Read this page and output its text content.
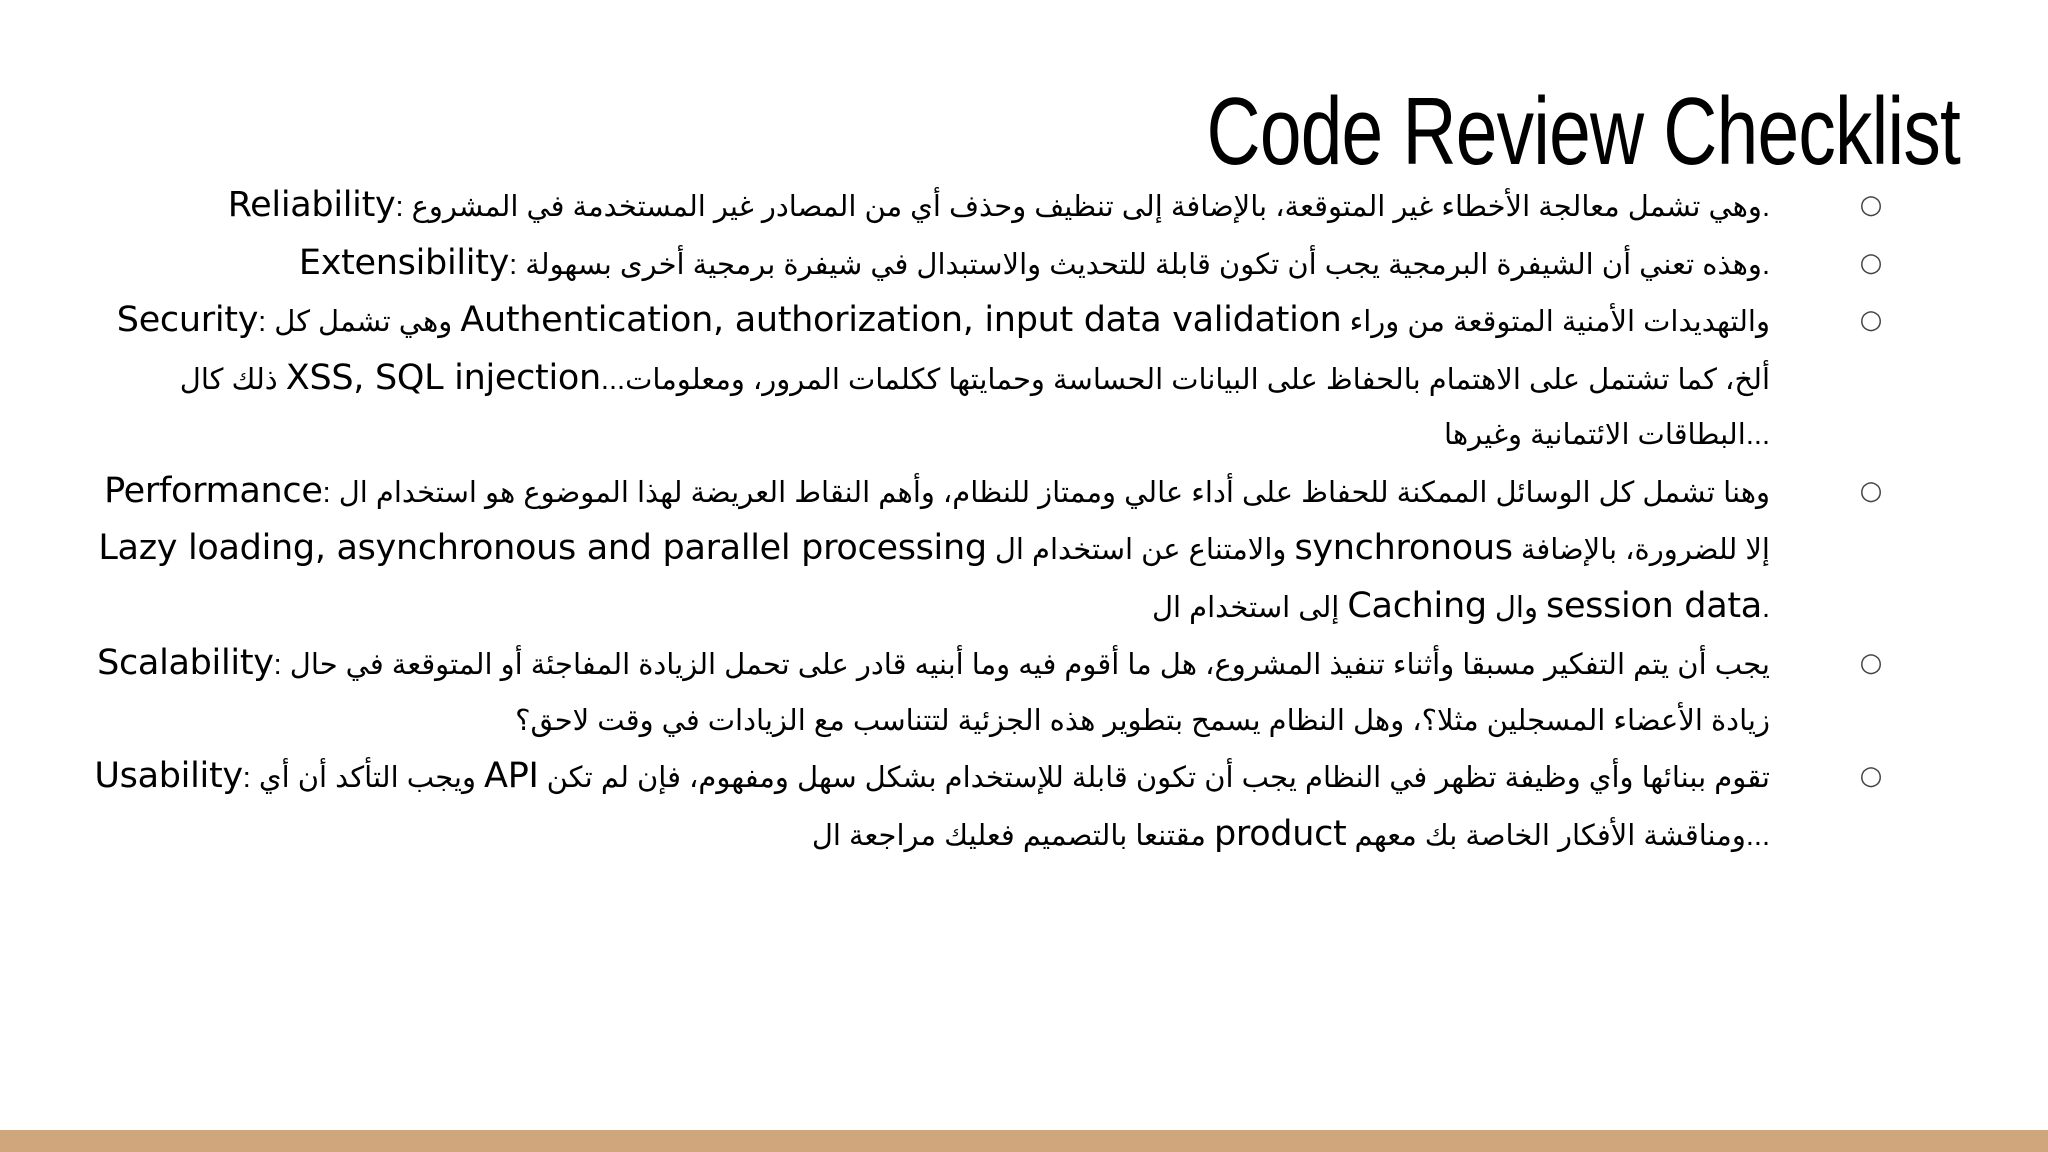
Code Review Checklist
○
Reliability: وهي تشمل معالجة الأخطاء غير المتوقعة، بالإضافة إلى تنظيف وحذف أي من المصادر غير المستخدمة في المشروع.
○
Extensibility: وهذه تعني أن الشيفرة البرمجية يجب أن تكون قابلة للتحديث والاستبدال في شيفرة برمجية أخرى بسهولة.
○
Security: وهي تشمل كل Authentication, authorization, input data validation والتهديدات الأمنية المتوقعة من وراء ذلك كال XSS, SQL injection...ألخ، كما تشتمل على الاهتمام بالحفاظ على البيانات الحساسة وحمايتها ككلمات المرور، ومعلومات البطاقات الائتمانية وغيرها...
○
Performance: وهنا تشمل كل الوسائل الممكنة للحفاظ على أداء عالي وممتاز للنظام، وأهم النقاط العريضة لهذا الموضوع هو استخدام ال Lazy loading, asynchronous and parallel processing والامتناع عن استخدام ال synchronous إلا للضرورة، بالإضافة إلى استخدام ال Caching وال session data.
○
Scalability: يجب أن يتم التفكير مسبقا وأثناء تنفيذ المشروع، هل ما أقوم فيه وما أبنيه قادر على تحمل الزيادة المفاجئة أو المتوقعة في حال زيادة الأعضاء المسجلين مثلا؟، وهل النظام يسمح بتطوير هذه الجزئية لتتناسب مع الزيادات في وقت لاحق؟
○
Usability: ويجب التأكد أن أي API تقوم ببنائها وأي وظيفة تظهر في النظام يجب أن تكون قابلة للإستخدام بشكل سهل ومفهوم، فإن لم تكن مقتنعا بالتصميم فعليك مراجعة ال product ومناقشة الأفكار الخاصة بك معهم...
